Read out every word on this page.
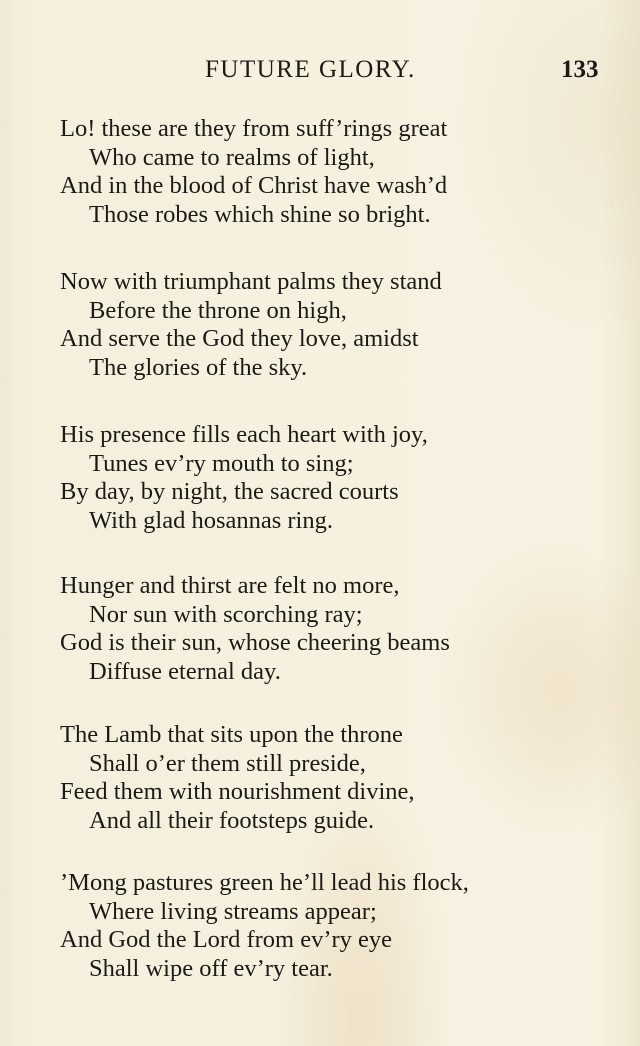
FUTURE GLORY.	133
Lo! these are they from suff’rings great
Who came to realms of light,
And in the blood of Christ have wash’d
Those robes which shine so bright.
Now with triumphant palms they stand
Before the throne on high,
And serve the God they love, amidst
The glories of the sky.
His presence fills each heart with joy,
Tunes ev’ry mouth to sing;
By day, by night, the sacred courts
With glad hosannas ring.
Hunger and thirst are felt no more,
Nor sun with scorching ray;
God is their sun, whose cheering beams
Diffuse eternal day.
The Lamb that sits upon the throne
Shall o’er them still preside,
Feed them with nourishment divine,
And all their footsteps guide.
’Mong pastures green he’ll lead his flock,
Where living streams appear;
And God the Lord from ev’ry eye
Shall wipe off ev’ry tear.
